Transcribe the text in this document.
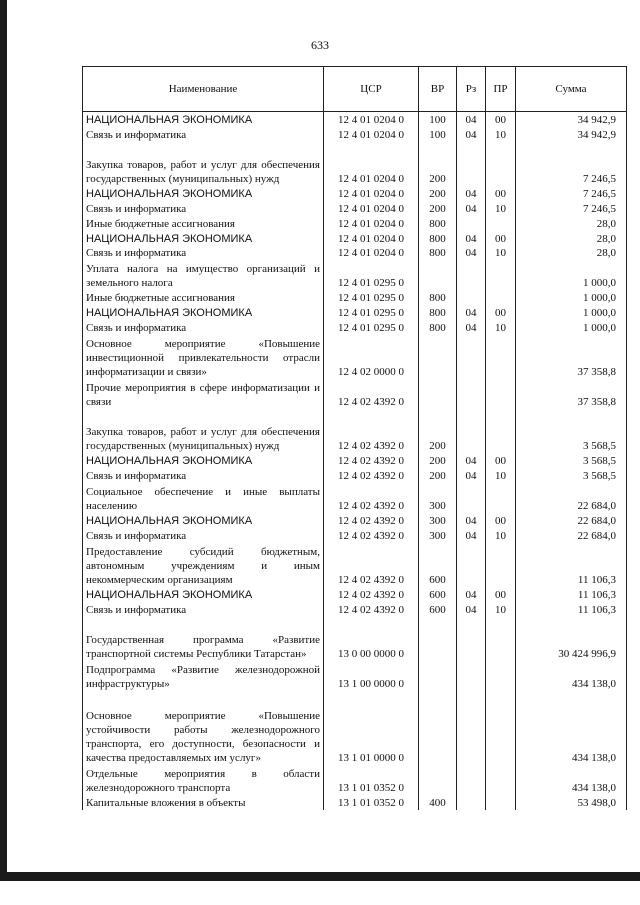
633
Наименование	ЦСР	ВР	Рз	ПР	Сумма
НАЦИОНАЛЬНАЯ ЭКОНОМИКА	12 4 01 0204 0	100	04	00	34 942,9
Связь и информатика	12 4 01 0204 0	100	04	10	34 942,9
Закупка товаров, работ и услуг для обеспечения государственных (муниципальных) нужд	12 4 01 0204 0	200			7 246,5
НАЦИОНАЛЬНАЯ ЭКОНОМИКА	12 4 01 0204 0	200	04	00	7 246,5
Связь и информатика	12 4 01 0204 0	200	04	10	7 246,5
Иные бюджетные ассигнования	12 4 01 0204 0	800			28,0
НАЦИОНАЛЬНАЯ ЭКОНОМИКА	12 4 01 0204 0	800	04	00	28,0
Связь и информатика	12 4 01 0204 0	800	04	10	28,0
Уплата налога на имущество организаций и земельного налога	12 4 01 0295 0				1 000,0
Иные бюджетные ассигнования	12 4 01 0295 0	800			1 000,0
НАЦИОНАЛЬНАЯ ЭКОНОМИКА	12 4 01 0295 0	800	04	00	1 000,0
Связь и информатика	12 4 01 0295 0	800	04	10	1 000,0
Основное мероприятие «Повышение инвестиционной привлекательности отрасли информатизации и связи»	12 4 02 0000 0				37 358,8
Прочие мероприятия в сфере информатизации и связи	12 4 02 4392 0				37 358,8
Закупка товаров, работ и услуг для обеспечения государственных (муниципальных) нужд	12 4 02 4392 0	200			3 568,5
НАЦИОНАЛЬНАЯ ЭКОНОМИКА	12 4 02 4392 0	200	04	00	3 568,5
Связь и информатика	12 4 02 4392 0	200	04	10	3 568,5
Социальное обеспечение и иные выплаты населению	12 4 02 4392 0	300			22 684,0
НАЦИОНАЛЬНАЯ ЭКОНОМИКА	12 4 02 4392 0	300	04	00	22 684,0
Связь и информатика	12 4 02 4392 0	300	04	10	22 684,0
Предоставление субсидий бюджетным, автономным учреждениям и иным некоммерческим организациям	12 4 02 4392 0	600			11 106,3
НАЦИОНАЛЬНАЯ ЭКОНОМИКА	12 4 02 4392 0	600	04	00	11 106,3
Связь и информатика	12 4 02 4392 0	600	04	10	11 106,3
Государственная программа «Развитие транспортной системы Республики Татарстан»	13 0 00 0000 0				30 424 996,9
Подпрограмма «Развитие железнодорожной инфраструктуры»	13 1 00 0000 0				434 138,0
Основное мероприятие «Повышение устойчивости работы железнодорожного транспорта, его доступности, безопасности и качества предоставляемых им услуг»	13 1 01 0000 0				434 138,0
Отдельные мероприятия в области железнодорожного транспорта	13 1 01 0352 0				434 138,0
Капитальные вложения в объекты	13 1 01 0352 0	400			53 498,0
